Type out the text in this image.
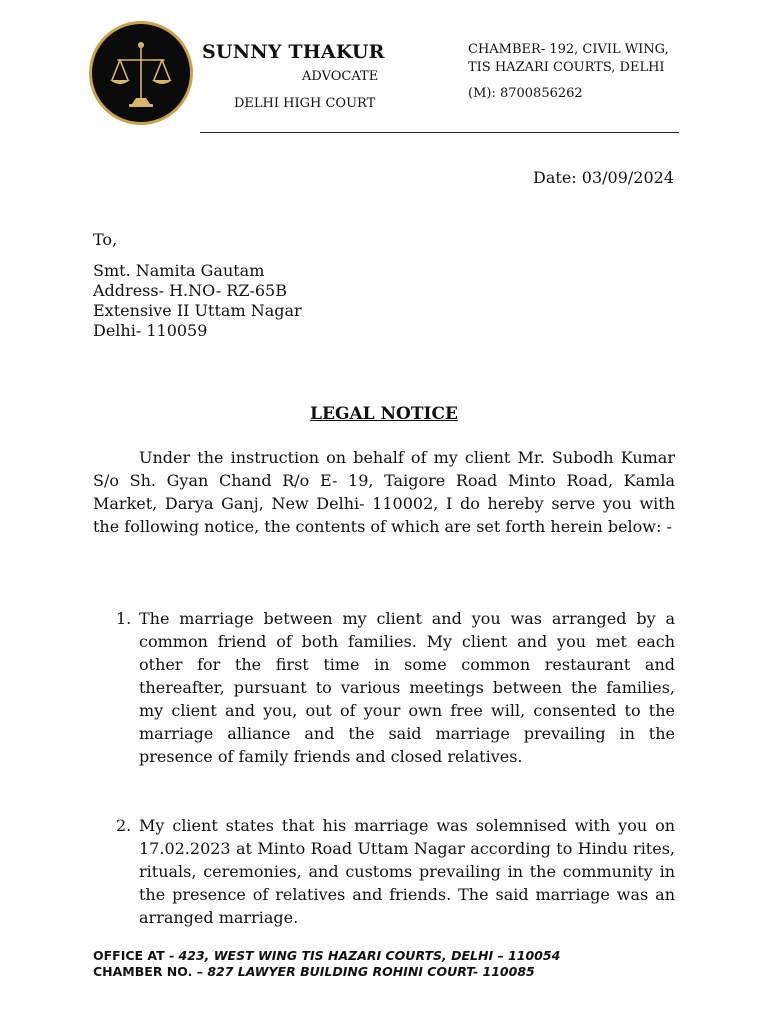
SUNNY THAKUR
ADVOCATE
DELHI HIGH COURT
CHAMBER- 192, CIVIL WING,
TIS HAZARI COURTS, DELHI
(M): 8700856262
Date: 03/09/2024
To,
Smt. Namita Gautam
Address- H.NO- RZ-65B
Extensive II Uttam Nagar
Delhi- 110059
LEGAL NOTICE
Under the instruction on behalf of my client Mr. Subodh Kumar S/o Sh. Gyan Chand R/o E- 19, Taigore Road Minto Road, Kamla Market, Darya Ganj, New Delhi- 110002, I do hereby serve you with the following notice, the contents of which are set forth herein below: -
1. The marriage between my client and you was arranged by a common friend of both families. My client and you met each other for the first time in some common restaurant and thereafter, pursuant to various meetings between the families, my client and you, out of your own free will, consented to the marriage alliance and the said marriage prevailing in the presence of family friends and closed relatives.
2. My client states that his marriage was solemnised with you on 17.02.2023 at Minto Road Uttam Nagar according to Hindu rites, rituals, ceremonies, and customs prevailing in the community in the presence of relatives and friends. The said marriage was an arranged marriage.
OFFICE AT - 423, WEST WING TIS HAZARI COURTS, DELHI – 110054
CHAMBER NO. – 827 LAWYER BUILDING ROHINI COURT- 110085
